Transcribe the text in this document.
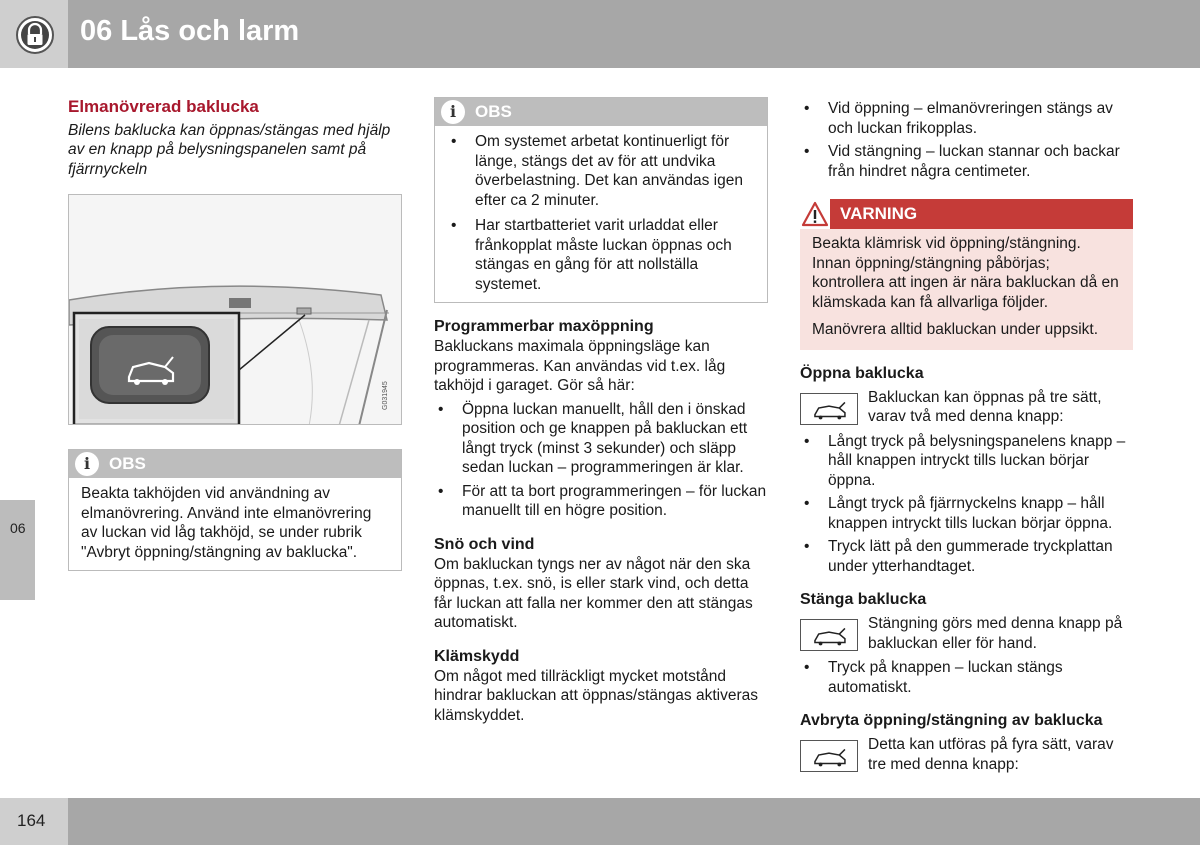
06 Lås och larm
06
Elmanövrerad baklucka

Bilens baklucka kan öppnas/stängas med hjälp av en knapp på belysningspanelen samt på fjärrnyckeln

G031945
i	OBS
Beakta takhöjden vid användning av elmanövrering. Använd inte elmanövrering av luckan vid låg takhöjd, se under rubrik "Avbryt öppning/stängning av baklucka".
i	OBS
• Om systemet arbetat kontinuerligt för länge, stängs det av för att undvika överbelastning. Det kan användas igen efter ca 2 minuter.
• Har startbatteriet varit urladdat eller frånkopplat måste luckan öppnas och stängas en gång för att nollställa systemet.
Programmerbar maxöppning

Bakluckans maximala öppningsläge kan programmeras. Kan användas vid t.ex. låg takhöjd i garaget. Gör så här:

• Öppna luckan manuellt, håll den i önskad position och ge knappen på bakluckan ett långt tryck (minst 3 sekunder) och släpp sedan luckan – programmeringen är klar.
• För att ta bort programmeringen – för luckan manuellt till en högre position.
Snö och vind

Om bakluckan tyngs ner av något när den ska öppnas, t.ex. snö, is eller stark vind, och detta får luckan att falla ner kommer den att stängas automatiskt.

Klämskydd

Om något med tillräckligt mycket motstånd hindrar bakluckan att öppnas/stängas aktiveras klämskyddet.

• Vid öppning – elmanövreringen stängs av och luckan frikopplas.
• Vid stängning – luckan stannar och backar från hindret några centimeter.
VARNING

Beakta klämrisk vid öppning/stängning. Innan öppning/stängning påbörjas; kontrollera att ingen är nära bakluckan då en klämskada kan få allvarliga följder.

Manövrera alltid bakluckan under uppsikt.

Öppna baklucka

Bakluckan kan öppnas på tre sätt, varav två med denna knapp:

• Långt tryck på belysningspanelens knapp – håll knappen intryckt tills luckan börjar öppna.
• Långt tryck på fjärrnyckelns knapp – håll knappen intryckt tills luckan börjar öppna.
• Tryck lätt på den gummerade tryckplattan under ytterhandtaget.
Stänga baklucka

Stängning görs med denna knapp på bakluckan eller för hand.

• Tryck på knappen – luckan stängs automatiskt.
Avbryta öppning/stängning av baklucka

Detta kan utföras på fyra sätt, varav tre med denna knapp:

164
